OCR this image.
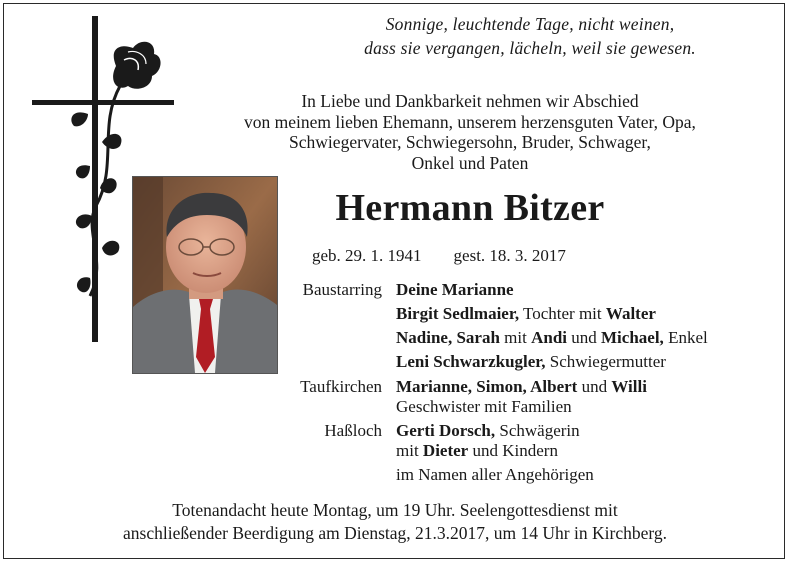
Sonnige, leuchtende Tage, nicht weinen,
dass sie vergangen, lächeln, weil sie gewesen.
In Liebe und Dankbarkeit nehmen wir Abschied
von meinem lieben Ehemann, unserem herzensguten Vater, Opa,
Schwiegervater, Schwiegersohn, Bruder, Schwager,
Onkel und Paten
Hermann Bitzer
geb. 29. 1. 1941 gest. 18. 3. 2017
Baustarring Deine Marianne
Birgit Sedlmaier, Tochter mit Walter
Nadine, Sarah mit Andi und Michael, Enkel
Leni Schwarzkugler, Schwiegermutter
Taufkirchen Marianne, Simon, Albert und Willi
Geschwister mit Familien
Haßloch Gerti Dorsch, Schwägerin
mit Dieter und Kindern
im Namen aller Angehörigen
Totenandacht heute Montag, um 19 Uhr. Seelengottesdienst mit
anschließender Beerdigung am Dienstag, 21.3.2017, um 14 Uhr in Kirchberg.
